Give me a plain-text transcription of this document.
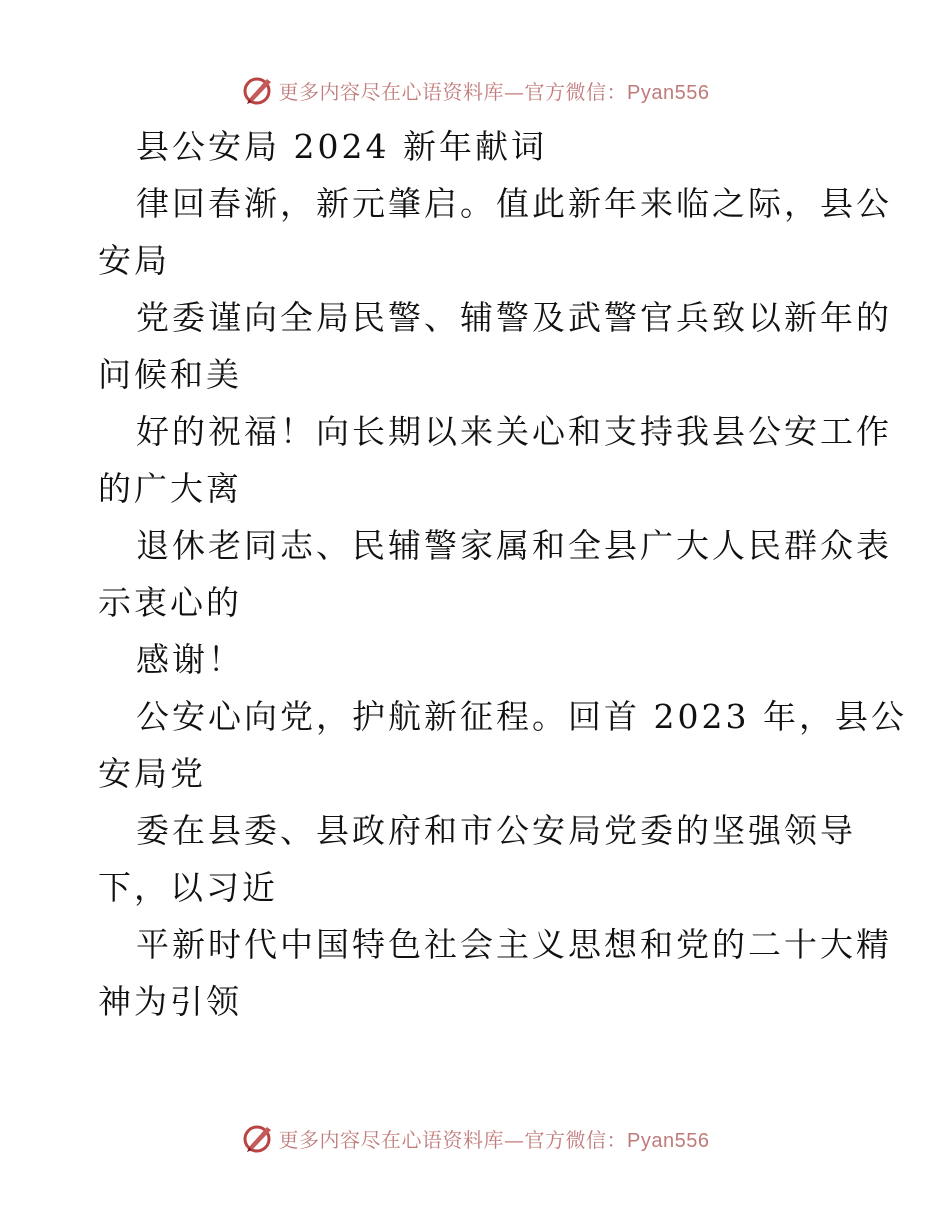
更多内容尽在心语资料库—官方微信：Pyan556
县公安局 2024 新年献词
律回春渐，新元肇启。值此新年来临之际，县公
安局
党委谨向全局民警、辅警及武警官兵致以新年的
问候和美
好的祝福！向长期以来关心和支持我县公安工作
的广大离
退休老同志、民辅警家属和全县广大人民群众表
示衷心的
感谢！
公安心向党，护航新征程。回首 2023 年，县公
安局党
委在县委、县政府和市公安局党委的坚强领导
下，以习近
平新时代中国特色社会主义思想和党的二十大精
神为引领
更多内容尽在心语资料库—官方微信：Pyan556
